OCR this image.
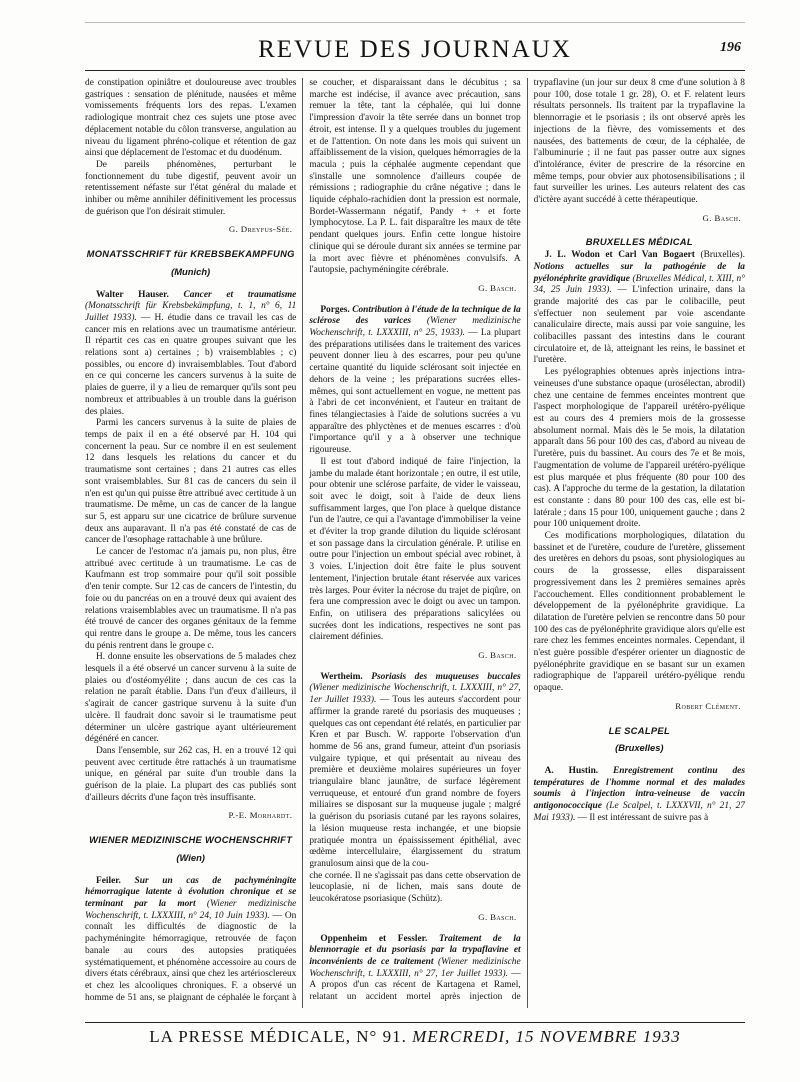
REVUE DES JOURNAUX	196

de constipation opiniâtre et douloureuse avec troubles gastriques : sensation de plénitude, nausées et même vomissements fréquents lors des repas. L'examen radiologique montrait chez ces sujets une ptose avec déplacement notable du côlon transverse, angulation au niveau du ligament phréno-colique et rétention de gaz ainsi que déplacement de l'estomac et du duodénum.

De pareils phénomènes, perturbant le fonctionnement du tube digestif, peuvent avoir un retentissement néfaste sur l'état général du malade et inhiber ou même annihiler définitivement les processus de guérison que l'on désirait stimuler.

G. Dreyfus-Sée.
MONATSSCHRIFT für KREBSBEKAMPFUNG
(Munich)

Walter Hauser. Cancer et traumatisme (Monatsschrift für Krebsbekämpfung, t. 1, n° 6, 11 Juillet 1933). — H. étudie dans ce travail les cas de cancer mis en relations avec un traumatisme antérieur. Il répartit ces cas en quatre groupes suivant que les relations sont a) certaines ; b) vraisemblables ; c) possibles, ou encore d) invraisemblables. Tout d'abord en ce qui concerne les cancers survenus à la suite de plaies de guerre, il y a lieu de remarquer qu'ils sont peu nombreux et attribuables à un trouble dans la guérison des plaies.

Parmi les cancers survenus à la suite de plaies de temps de paix il en a été observé par H. 104 qui concernent la peau. Sur ce nombre il en est seulement 12 dans lesquels les relations du cancer et du traumatisme sont certaines ; dans 21 autres cas elles sont vraisemblables. Sur 81 cas de cancers du sein il n'en est qu'un qui puisse être attribué avec certitude à un traumatisme. De même, un cas de cancer de la langue sur 5, est apparu sur une cicatrice de brûlure survenue deux ans auparavant. Il n'a pas été constaté de cas de cancer de l'œsophage rattachable à une brûlure.

Le cancer de l'estomac n'a jamais pu, non plus, être attribué avec certitude à un traumatisme. Le cas de Kaufmann est trop sommaire pour qu'il soit possible d'en tenir compte. Sur 12 cas de cancers de l'intestin, du foie ou du pancréas on en a trouvé deux qui avaient des relations vraisemblables avec un traumatisme. Il n'a pas été trouvé de cancer des organes génitaux de la femme qui rentre dans le groupe a. De même, tous les cancers du pénis rentrent dans le groupe c.

H. donne ensuite les observations de 5 malades chez lesquels il a été observé un cancer survenu à la suite de plaies ou d'ostéomyélite ; dans aucun de ces cas la relation ne paraît établie. Dans l'un d'eux d'ailleurs, il s'agirait de cancer gastrique survenu à la suite d'un ulcère. Il faudrait donc savoir si le traumatisme peut déterminer un ulcère gastrique ayant ultérieurement dégénéré en cancer.

Dans l'ensemble, sur 262 cas, H. en a trouvé 12 qui peuvent avec certitude être rattachés à un traumatisme unique, en général par suite d'un trouble dans la guérison de la plaie. La plupart des cas publiés sont d'ailleurs décrits d'une façon très insuffisante.

P.-E. Morhardt.
WIENER MEDIZINISCHE WOCHENSCHRIFT
(Wien)

Feiler. Sur un cas de pachyméningite hémorragique latente à évolution chronique et se terminant par la mort (Wiener medizinische Wochenschrift, t. LXXXIII, n° 24, 10 Juin 1933). — On connaît les difficultés de diagnostic de la pachyméningite hémorragique, retrouvée de façon banale au cours des autopsies pratiquées systématiquement, et phénomène accessoire au cours de divers états cérébraux, ainsi que chez les artériosclereux et chez les alcooliques chroniques. F. a observé un homme de 51 ans, se plaignant de céphalée le forçant à se coucher, et disparaissant dans le décubitus ; sa marche est indécise, il avance avec précaution, sans remuer la tête, tant la céphalée, qui lui donne l'impression d'avoir la tête serrée dans un bonnet trop étroit, est intense. Il y a quelques troubles du jugement et de l'attention. On note dans les mois qui suivent un affaiblissement de la vision, quelques hémorragies de la macula ; puis la céphalée augmente cependant que s'installe une somnolence d'ailleurs coupée de rémissions ; radiographie du crâne négative ; dans le liquide céphalo-rachidien dont la pression est normale, Bordet-Wassermann négatif, Pandy + + et forte lymphocytose. La P. L. fait disparaître les maux de tête pendant quelques jours. Enfin cette longue histoire clinique qui se déroule durant six années se termine par la mort avec fièvre et phénomènes convulsifs. A l'autopsie, pachyméningite cérébrale.

G. Basch.

Porges. Contribution à l'étude de la technique de la sclérose des varices (Wiener medizinische Wochenschrift, t. LXXXIII, n° 25, 1933). — La plupart des préparations utilisées dans le traitement des varices peuvent donner lieu à des escarres, pour peu qu'une certaine quantité du liquide sclérosant soit injectée en dehors de la veine ; les préparations sucrées elles-mêmes, qui sont actuellement en vogue, ne mettent pas à l'abri de cet inconvénient, et l'auteur en traitant de fines télangiectasies à l'aide de solutions sucrées a vu apparaître des phlyctènes et de menues escarres : d'où l'importance qu'il y a à observer une technique rigoureuse.

Il est tout d'abord indiqué de faire l'injection, la jambe du malade étant horizontale ; en outre, il est utile, pour obtenir une sclérose parfaite, de vider le vaisseau, soit avec le doigt, soit à l'aide de deux liens suffisamment larges, que l'on place à quelque distance l'un de l'autre, ce qui a l'avantage d'immobiliser la veine et d'éviter la trop grande dilution du liquide sclérosant et son passage dans la circulation générale. P. utilise en outre pour l'injection un embout spécial avec robinet, à 3 voies. L'injection doit être faite le plus souvent lentement, l'injection brutale étant réservée aux varices très larges. Pour éviter la nécrose du trajet de piqûre, on fera une compression avec le doigt ou avec un tampon. Enfin, on utilisera des préparations salicylées ou sucrées dont les indications, respectives ne sont pas clairement définies.

G. Basch.

Wertheim. Psoriasis des muqueuses buccales (Wiener medizinische Wochenschrift, t. LXXXIII, n° 27, 1er Juillet 1933). — Tous les auteurs s'accordent pour affirmer la grande rareté du psoriasis des muqueuses ; quelques cas ont cependant été relatés, en particulier par Kren et par Busch. W. rapporte l'observation d'un homme de 56 ans, grand fumeur, atteint d'un psoriasis vulgaire typique, et qui présentait au niveau des première et deuxième molaires supérieures un foyer triangulaire blanc jaunâtre, de surface légèrement verruqueuse, et entouré d'un grand nombre de foyers miliaires se disposant sur la muqueuse jugale ; malgré la guérison du psoriasis cutané par les rayons solaires, la lésion muqueuse resta inchangée, et une biopsie pratiquée montra un épaississement épithélial, avec œdème intercellulaire, élargissement du stratum granulosum ainsi que de la cou-

che cornée. Il ne s'agissait pas dans cette observation de leucoplasie, ni de lichen, mais sans doute de leucokératose psoriasique (Schütz).

G. Basch.

Oppenheim et Fessler. Traitement de la blennorragie et du psoriasis par la trypaflavine et inconvénients de ce traitement (Wiener medizinische Wochenschrift, t. LXXXIII, n° 27, 1er Juillet 1933). — A propos d'un cas récent de Kartagena et Ramel, relatant un accident mortel après injection de trypaflavine (un jour sur deux 8 cme d'une solution à 8 pour 100, dose totale 1 gr. 28), O. et F. relatent leurs résultats personnels. Ils traitent par la trypaflavine la blennorragie et le psoriasis ; ils ont observé après les injections de la fièvre, des vomissements et des nausées, des battements de cœur, de la céphalée, de l'albuminurie ; il ne faut pas passer outre aux signes d'intolérance, éviter de prescrire de la résorcine en même temps, pour obvier aux photosensibilisations ; il faut surveiller les urines. Les auteurs relatent des cas d'ictère ayant succédé à cette thérapeutique.

G. Basch.
BRUXELLES MÉDICAL

J. L. Wodon et Carl Van Bogaert (Bruxelles). Notions actuelles sur la pathogénie de la pyélonéphrite gravidique (Bruxelles Médical, t. XIII, n° 34, 25 Juin 1933). — L'infection urinaire, dans la grande majorité des cas par le colibacille, peut s'effectuer non seulement par voie ascendante canaliculaire directe, mais aussi par voie sanguine, les colibacilles passant des intestins dans le courant circulatoire et, de là, atteignant les reins, le bassinet et l'uretère.

Les pyélographies obtenues après injections intra-veineuses d'une substance opaque (urosélectan, abrodil) chez une centaine de femmes enceintes montrent que l'aspect morphologique de l'appareil urétéro-pyélique est au cours des 4 premiers mois de la grossesse absolument normal. Mais dès le 5e mois, la dilatation apparaît dans 56 pour 100 des cas, d'abord au niveau de l'uretère, puis du bassinet. Au cours des 7e et 8e mois, l'augmentation de volume de l'appareil urétéro-pyélique est plus marquée et plus fréquente (80 pour 100 des cas). A l'approche du terme de la gestation, la dilatation est constante : dans 80 pour 100 des cas, elle est bi-latérale ; dans 15 pour 100, uniquement gauche ; dans 2 pour 100 uniquement droite.

Ces modifications morphologiques, dilatation du bassinet et de l'uretère, coudure de l'uretère, glissement des uretères en dehors du psoas, sont physiologiques au cours de la grossesse, elles disparaissent progressivement dans les 2 premières semaines après l'accouchement. Elles conditionnent probablement le développement de la pyélonéphrite gravidique. La dilatation de l'uretère pelvien se rencontre dans 50 pour 100 des cas de pyélonéphrite gravidique alors qu'elle est rare chez les femmes enceintes normales. Cependant, il n'est guère possible d'espérer orienter un diagnostic de pyélonéphrite gravidique en se basant sur un examen radiographique de l'appareil urétéro-pyélique rendu opaque.

Robert Clément.
LE SCALPEL
(Bruxelles)

A. Hustin. Enregistrement continu des températures de l'homme normal et des malades soumis à l'injection intra-veineuse de vaccin antigonococcique (Le Scalpel, t. LXXXVII, n° 21, 27 Mai 1933). — Il est intéressant de suivre pas à

LA PRESSE MÉDICALE, N° 91. MERCREDI, 15 NOVEMBRE 1933
